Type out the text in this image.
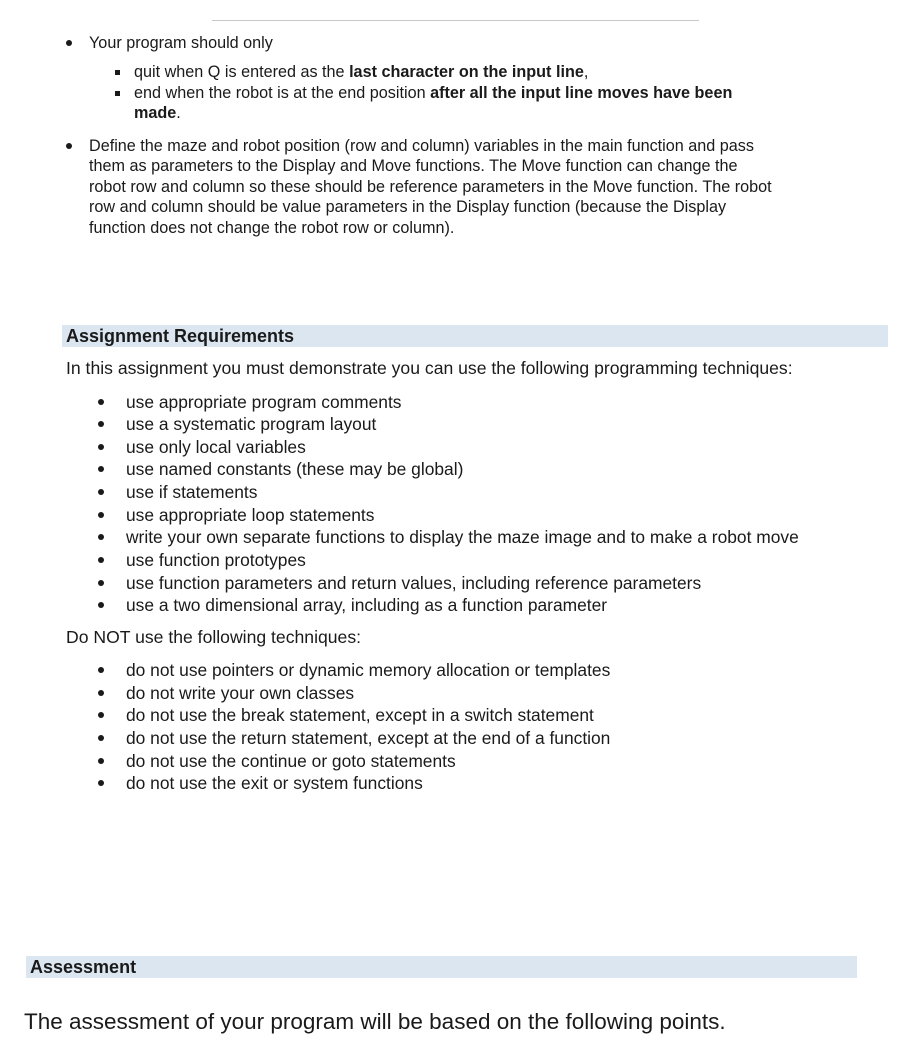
Your program should only
quit when Q is entered as the last character on the input line,
end when the robot is at the end position after all the input line moves have been
made.
Define the maze and robot position (row and column) variables in the main function and pass
them as parameters to the Display and Move functions. The Move function can change the
robot row and column so these should be reference parameters in the Move function. The robot
row and column should be value parameters in the Display function (because the Display
function does not change the robot row or column).
Assignment Requirements
In this assignment you must demonstrate you can use the following programming techniques:
use appropriate program comments
use a systematic program layout
use only local variables
use named constants (these may be global)
use if statements
use appropriate loop statements
write your own separate functions to display the maze image and to make a robot move
use function prototypes
use function parameters and return values, including reference parameters
use a two dimensional array, including as a function parameter
Do NOT use the following techniques:
do not use pointers or dynamic memory allocation or templates
do not write your own classes
do not use the break statement, except in a switch statement
do not use the return statement, except at the end of a function
do not use the continue or goto statements
do not use the exit or system functions
Assessment
The assessment of your program will be based on the following points.
